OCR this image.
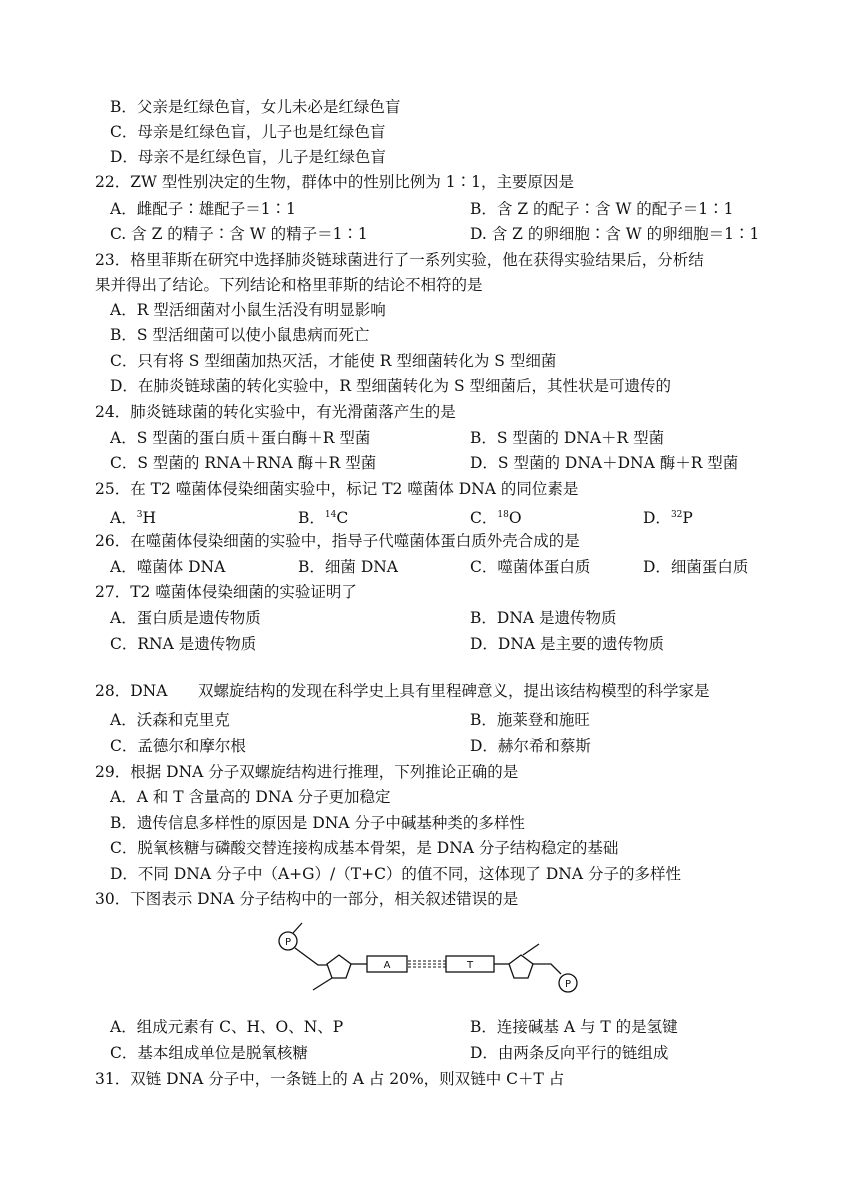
B．父亲是红绿色盲，女儿未必是红绿色盲
C．母亲是红绿色盲，儿子也是红绿色盲
D．母亲不是红绿色盲，儿子是红绿色盲
22．ZW 型性别决定的生物，群体中的性别比例为 1∶1，主要原因是
A．雌配子∶雄配子＝1∶1	B．含 Z 的配子∶含 W 的配子＝1∶1
C. 含 Z 的精子∶含 W 的精子＝1∶1	D. 含 Z 的卵细胞∶含 W 的卵细胞＝1∶1
23．格里菲斯在研究中选择肺炎链球菌进行了一系列实验，他在获得实验结果后，分析结
果并得出了结论。下列结论和格里菲斯的结论不相符的是
A．R 型活细菌对小鼠生活没有明显影响
B．S 型活细菌可以使小鼠患病而死亡
C．只有将 S 型细菌加热灭活，才能使 R 型细菌转化为 S 型细菌
D．在肺炎链球菌的转化实验中，R 型细菌转化为 S 型细菌后，其性状是可遗传的
24．肺炎链球菌的转化实验中，有光滑菌落产生的是
A．S 型菌的蛋白质＋蛋白酶＋R 型菌	B．S 型菌的 DNA＋R 型菌
C．S 型菌的 RNA＋RNA 酶＋R 型菌	D．S 型菌的 DNA＋DNA 酶＋R 型菌
25．在 T2 噬菌体侵染细菌实验中，标记 T2 噬菌体 DNA 的同位素是
A．$^3$H	B．$^{14}$C	C．$^{18}$O	D．$^{32}$P
26．在噬菌体侵染细菌的实验中，指导子代噬菌体蛋白质外壳合成的是
A．噬菌体 DNA	B．细菌 DNA	C．噬菌体蛋白质	D．细菌蛋白质
27．T2 噬菌体侵染细菌的实验证明了
A．蛋白质是遗传物质	B．DNA 是遗传物质
C．RNA 是遗传物质	D．DNA 是主要的遗传物质
28．DNA 双螺旋结构的发现在科学史上具有里程碑意义，提出该结构模型的科学家是
A．沃森和克里克	B．施莱登和施旺
C．孟德尔和摩尔根	D．赫尔希和蔡斯
29．根据 DNA 分子双螺旋结构进行推理，下列推论正确的是
A．A 和 T 含量高的 DNA 分子更加稳定
B．遗传信息多样性的原因是 DNA 分子中碱基种类的多样性
C．脱氧核糖与磷酸交替连接构成基本骨架，是 DNA 分子结构稳定的基础
D．不同 DNA 分子中（A+G）/（T+C）的值不同，这体现了 DNA 分子的多样性
30．下图表示 DNA 分子结构中的一部分，相关叙述错误的是
P
P
A	T
A．组成元素有 C、H、O、N、P	B．连接碱基 A 与 T 的是氢键
C．基本组成单位是脱氧核糖	D．由两条反向平行的链组成
31．双链 DNA 分子中，一条链上的 A 占 20%，则双链中 C＋T 占
